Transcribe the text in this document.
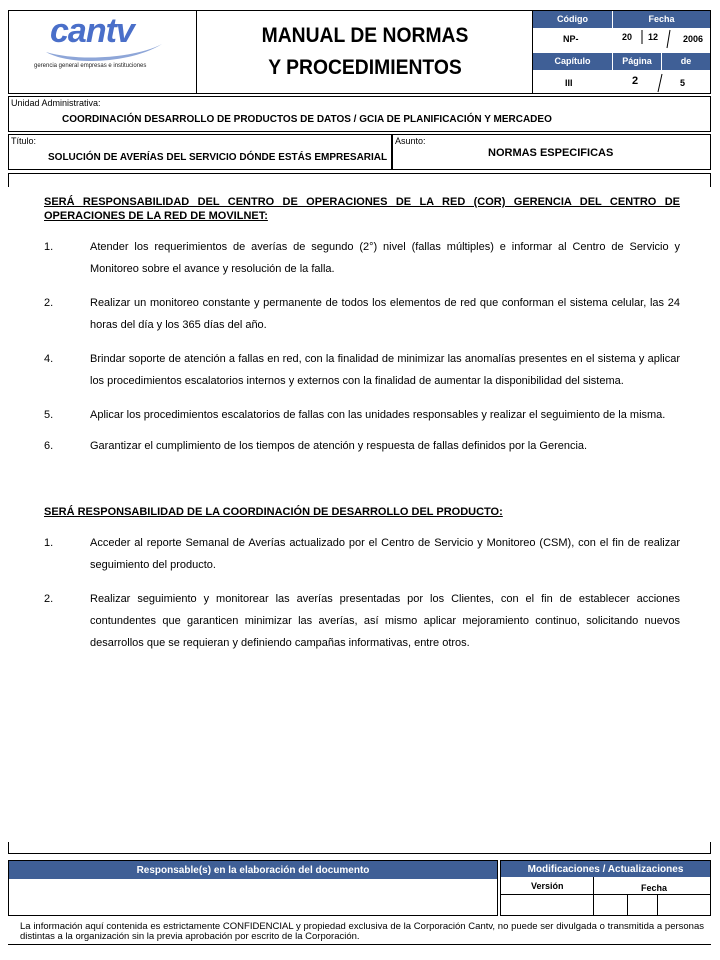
cantv
gerencia general empresas e instituciones
MANUAL DE NORMAS
Y PROCEDIMIENTOS
Código	Fecha
NP-	20 12	2006
Capítulo	Página	de
III	2	5
Unidad Administrativa:
COORDINACIÓN DESARROLLO DE PRODUCTOS DE DATOS / GCIA DE PLANIFICACIÓN Y MERCADEO
Título:
SOLUCIÓN DE AVERÍAS DEL SERVICIO DÓNDE ESTÁS EMPRESARIAL
Asunto:
NORMAS ESPECIFICAS
SERÁ RESPONSABILIDAD DEL CENTRO DE OPERACIONES DE LA RED (COR) GERENCIA DEL CENTRO DE OPERACIONES DE LA RED DE MOVILNET:
1.	Atender los requerimientos de averías de segundo (2°) nivel (fallas múltiples) e informar al Centro de Servicio y Monitoreo sobre el avance y resolución de la falla.
2.	Realizar un monitoreo constante y permanente de todos los elementos de red que conforman el sistema celular, las 24 horas del día y los 365 días del año.
4.	Brindar soporte de atención a fallas en red, con la finalidad de minimizar las anomalías presentes en el sistema y aplicar los procedimientos escalatorios internos y externos con la finalidad de aumentar la disponibilidad del sistema.
5.	Aplicar los procedimientos escalatorios de fallas con las unidades responsables y realizar el seguimiento de la misma.
6.	Garantizar el cumplimiento de los tiempos de atención y respuesta de fallas definidos por la Gerencia.
SERÁ RESPONSABILIDAD DE LA COORDINACIÓN DE DESARROLLO DEL PRODUCTO:
1.	Acceder al reporte Semanal de Averías actualizado por el Centro de Servicio y Monitoreo (CSM), con el fin de realizar seguimiento del producto.
2.	Realizar seguimiento y monitorear las averías presentadas por los Clientes, con el fin de establecer acciones contundentes que garanticen minimizar las averías, así mismo aplicar mejoramiento continuo, solicitando nuevos desarrollos que se requieran y definiendo campañas informativas, entre otros.
Responsable(s) en la elaboración del documento	Modificaciones / Actualizaciones
Versión	Fecha
La información aquí contenida es estrictamente CONFIDENCIAL y propiedad exclusiva de la Corporación Cantv, no puede ser divulgada o transmitida a personas distintas a la organización sin la previa aprobación por escrito de la Corporación.
